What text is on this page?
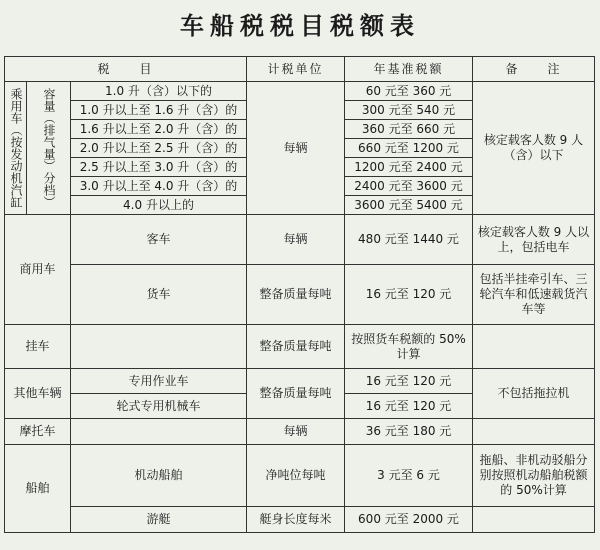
车船税税目税额表
税　　目			计税单位	年基准税额	备　　注

乘用车
（按发动机汽缸	容量（排气量）分档）	1.0 升（含）以下的	每辆	60 元至 360 元	核定载客人数 9 人（含）以下
		1.0 升以上至 1.6 升（含）的		300 元至 540 元	
		1.6 升以上至 2.0 升（含）的		360 元至 660 元	
		2.0 升以上至 2.5 升（含）的		660 元至 1200 元	
		2.5 升以上至 3.0 升（含）的		1200 元至 2400 元	
		3.0 升以上至 4.0 升（含）的		2400 元至 3600 元	
		4.0 升以上的		3600 元至 5400 元	
商用车		客车	每辆	480 元至 1440 元	核定载客人数 9 人以上，包括电车
		货车	整备质量每吨	16 元至 120 元	包括半挂牵引车、三轮汽车和低速载货汽车等
挂车			整备质量每吨	按照货车税额的 50%计算	
其他车辆		专用作业车	整备质量每吨	16 元至 120 元	不包括拖拉机
		轮式专用机械车		16 元至 120 元	
摩托车			每辆	36 元至 180 元	
船舶		机动船舶	净吨位每吨	3 元至 6 元	拖船、非机动驳船分别按照机动船舶税额的 50%计算
		游艇	艇身长度每米	600 元至 2000 元	
